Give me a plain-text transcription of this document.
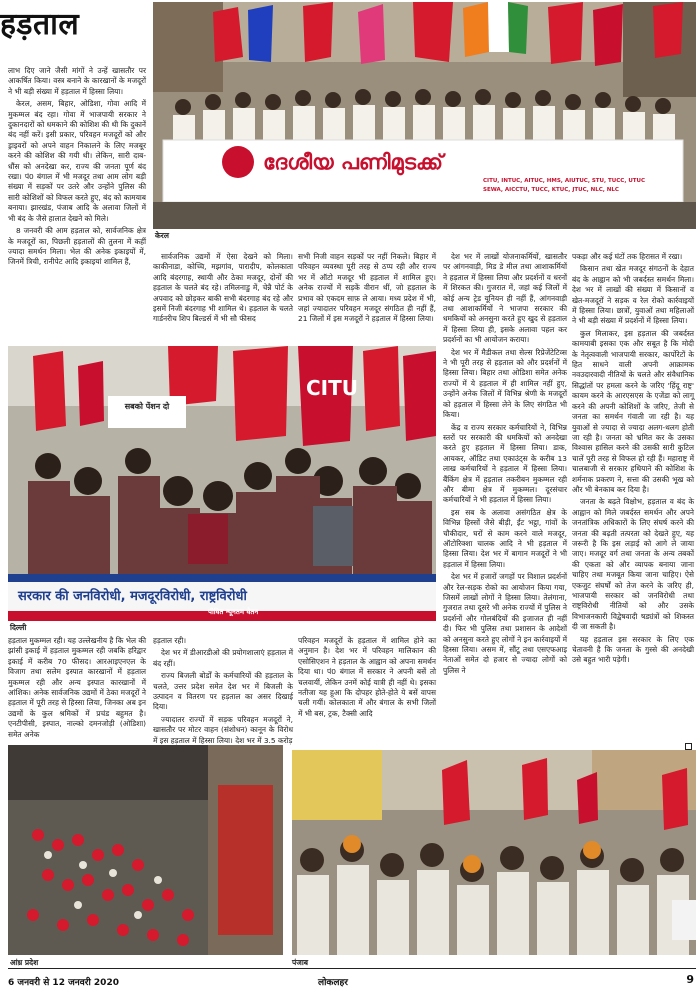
हड़ताल
ദേശീയ പണിമുടക്ക്
CITU, INTUC, AITUC, HMS, AIUTUC, STU, TUCC, UTUC
SEWA, AICCTU, TUCC, KTUC, JTUC, NLC, NLC
केरल

लाभ दिए जाने जैसी मांगों ने उन्हें खासतौर पर आकर्षित किया। वस्त्र बनाने के कारखानों के मजदूरों ने भी बड़ी संख्या में हड़ताल में हिस्सा लिया।

केरल, असम, बिहार, ओडिशा, गोवा आदि में मुकम्मल बंद रहा। गोवा में भाजपायी सरकार ने दुकानदारों को धमकाने की कोशिश की थी कि दुकानें बंद नहीं करें। इसी प्रकार, परिवहन मजदूरों को और ड्राइवरों को अपने वाहन निकालने के लिए मजबूर करने की कोशिश की गयी थी। लेकिन, सारी दाब-धौंस को अनदेखा कर, राज्य की जनता पूर्ण बंद रखा। पं0 बंगाल में भी मजदूर तथा आम लोग बड़ी संख्या में सड़कों पर उतरे और उन्होंने पुलिस की सारी कोशिशों को विफल करते हुए, बंद को कामयाब बनाया। झारखंड, पंजाब आदि के अलावा जिलों में भी बंद के जैसे हालात देखने को मिले।

8 जनवरी की आम हड़ताल को, सार्वजनिक क्षेत्र के मजदूरों का, पिछली हड़तालों की तुलना में कहीं ज्यादा समर्थन मिला। भेल की अनेक इकाइयों में, जिनमें त्रिची, रानीपेट आदि इकाइयां शामिल हैं,

सार्वजनिक उद्यमों में ऐसा देखने को मिला। काकीनाडा, कोच्चि, मझगांव, पारादीप, कोलकाता आदि बंदरगाह, स्थायी और ठेका मजदूर, दोनों की हड़ताल के चलते बंद रहे। तमिलनाडु में, चेन्नै पोर्ट के अपवाद को छोड़कर बाकी सभी बंदरगाह बंद रहे और इसमें निजी बंदरगाह भी शामिल थे। हड़ताल के चलते गार्डनरीच शिप बिल्डर्स में भी सौ फीसद

सभी निजी वाहन सड़कों पर नहीं निकले। बिहार में परिवहन व्यवस्था पूरी तरह से ठप्प रही और राज्य भर में ऑटो मजदूर भी हड़ताल में शामिल हुए। अनेक राज्यों में सड़कें वीरान थीं, जो हड़ताल के प्रभाव को एकदम साफ़ ले आया। मध्य प्रदेश में भी, जहां ज्यादातर परिवहन मजदूर संगठित ही नहीं हैं, 21 जिलों में इस मजदूरों ने हड़ताल में हिस्सा लिया।

देश भर में लाखों योजनाकर्मियों, खासतौर पर आंगनवाड़ी, मिड डे मील तथा आशाकर्मियों ने हड़ताल में हिस्सा लिया और प्रदर्शनों व धरनों में शिरकत की। गुजरात में, जहां कई जिलों में कोई अन्य ट्रेड यूनियन ही नहीं हैं, आंगनवाड़ी तथा आशाकर्मियों ने भाजपा सरकार की धमकियों को अनसुना करते हुए खुद से हड़ताल में हिस्सा लिया ही, इसके अलावा पहल कर प्रदर्शनों का भी आयोजन कराया।

देश भर में मैडीकल तथा सेल्स रिप्रेजेंटेटिव्स ने भी पूरी तरह से हड़ताल को और प्रदर्शनों में हिस्सा लिया। बिहार तथा ओडिशा समेत अनेक राज्यों में ये हड़ताल में ही शामिल नहीं हुए, उन्होंने अनेक जिलों में विभिन्न श्रेणी के मजदूरों को हड़ताल में हिस्सा लेने के लिए संगठित भी किया।

केंद्र व राज्य सरकार कर्मचारियों ने, विभिन्न स्तरों पर सरकारी की धमकियों को अनदेखा करते हुए हड़ताल में हिस्सा लिया। डाक, आयकर, ऑडिट तथा एकाउंट्स के करीब 13 लाख कर्मचारियों ने हड़ताल में हिस्सा लिया। बैंकिंग क्षेत्र में हड़ताल तकरीबन मुकम्मल रही और बीमा क्षेत्र में मुकम्मल। दूरसंचार कर्मचारियों ने भी हड़ताल में हिस्सा लिया।

इस सब के अलावा असंगठित क्षेत्र के विभिन्न हिस्सों जैसे बीड़ी, ईंट भट्ठा, गांवों के चौकीदार, घरों से काम करने वाले मजदूर, ऑटोरिक्शा चालक आदि ने भी हड़ताल में हिस्सा लिया। देश भर में बागान मजदूरों ने भी हड़ताल में हिस्सा लिया।

देश भर में हजारों जगहों पर विशाल प्रदर्शनों और रेल-सड़क रोको का आयोजन किया गया, जिसमें लाखों लोगों ने हिस्सा लिया। तेलंगाना, गुजरात तथा दूसरे भी अनेक राज्यों में पुलिस ने प्रदर्शनों और गोलबंदियों की इजाजत ही नहीं दी। फिर भी पुलिस तथा प्रशासन के आदेशों को अनसुना करते हुए लोगों ने इन कार्रवाइयों में हिस्सा लिया। असम में, सौंटू तथा एसएफआइ नेताओं समेत दो हजार से ज्यादा लोगों को पुलिस ने

पकड़ा और कई घंटों तक हिरासत में रखा।

किसान तथा खेत मजदूर संगठनों के देहात बंद के आह्वान को भी जबर्दस्त समर्थन मिला। देश भर में लाखों की संख्या में किसानों व खेत-मजदूरों ने सड़क व रेल रोको कार्रवाइयों में हिस्सा लिया। छात्रों, युवाओं तथा महिलाओं ने भी बड़ी संख्या में प्रदर्शनों में हिस्सा लिया।

कुल मिलाकर, इस हड़ताल की जबर्दस्त कामयाबी इसका एक और सबूत है कि मोदी के नेतृत्ववाली भाजपायी सरकार, कार्पोरेटों के हित साधने वाली अपनी आक्रामक नवउदारवादी नीतियों के चलते और संवैधानिक सिद्धांतों पर हमला करने के जरिए 'हिंदू राष्ट्र' कायम करने के आरएसएस के एजेंडा को लागू करने की अपनी कोशिशों के जरिए, तेजी से जनता का समर्थन गंवाती जा रही है। यह युवाओं से ज्यादा से ज्यादा अलग-थलग होती जा रही है। जनता को भ्रमित कर के उसका विश्वास हासिल करने की उसकी सारी कुटिल चालें पूरी तरह से विफल हो रही हैं। महाराष्ट्र में चालबाजी से सरकार हथियाने की कोशिश के शर्मनाक प्रकरण ने, सत्ता की उसकी भूख को और भी बेनकाब कर दिया है।

जनता के बढ़ते विक्षोभ, हड़ताल व बंद के आह्वान को मिले जबर्दस्त समर्थन और अपने जनतांत्रिक अधिकारों के लिए संघर्ष करने की जनता की बढ़ती तत्परता को देखते हुए, यह जरूरी है कि इस लड़ाई को आगे ले जाया जाए। मजदूर वर्ग तथा जनता के अन्य तबकों की एकता को और व्यापक बनाया जाना चाहिए तथा मजबूत किया जाना चाहिए। ऐसे एकजुट संघर्षों को तेज करने के जरिए ही, भाजपायी सरकार को जनविरोधी तथा राष्ट्रविरोधी नीतियों को और उसके विभाजनकारी विद्वेषवादी षड्यंत्रों को शिकस्त दी जा सकती है।

यह हड़ताल इस सरकार के लिए एक चेतावनी है कि जनता के गुस्से की अनदेखी उसे बहुत भारी पड़ेगी।

सबको पेंशन दो
CITU
सरकार की जनविरोधी, मजदूरविरोधी, राष्ट्रविरोधी
पीवित न्यूनतम वेतन
दिल्ली

हड़ताल मुकम्मल रही। यह उल्लेखनीय है कि भेल की झांसी इकाई में हड़ताल मुकम्मल रही जबकि हरिद्वार इकाई में करीब 70 फीसद। आरआइएनएल के विजाग तथा सलेम इस्पात कारखानों में हड़ताल मुकम्मल रही और अन्य इस्पात कारखानों में आंशिक। अनेक सार्वजनिक उद्यमों में ठेका मजदूरों ने हड़ताल में पूरी तरह से हिस्सा लिया, जिनका अब इन उद्यमों के कुल श्रमिकों में प्रचंड बहुमत है। एनटीपीसी, इस्पात, नाल्को दमनजोड़ी (ओडिशा) समेत अनेक

हड़ताल रही।

देश भर में डीआरडीओ की प्रयोगशालाएं हड़ताल में बंद रहीं।

राज्य बिजली बोर्डों के कर्मचारियों की हड़ताल के चलते, उत्तर प्रदेश समेत देश भर में बिजली के उत्पादन व वितरण पर हड़ताल का असर दिखाई दिया।

ज्यादातर राज्यों में सड़क परिवहन मजदूरों ने, खासतौर पर मोटर वाहन (संशोधन) कानून के विरोध में इस हड़ताल में हिस्सा लिया। देश भर में 3.5 करोड़

परिवहन मजदूरों के हड़ताल में शामिल होने का अनुमान है। देश भर में परिवहन मालिकान की एसोसिएशन ने हड़ताल के आह्वान को अपना समर्थन दिया था। पं0 बंगाल में सरकार ने अपनी बसें तो चलवायीं, लेकिन उनमें कोई यात्री ही नहीं थे। इसका नतीजा यह हुआ कि दोपहर होते-होते ये बसें वापस चली गयीं। कोलकाता में और बंगाल के सभी जिलों में भी बस, ट्रक, टैक्सी आदि

आंध्र प्रदेश	पंजाब
6 जनवरी से 12 जनवरी 2020	लोकलहर	9
